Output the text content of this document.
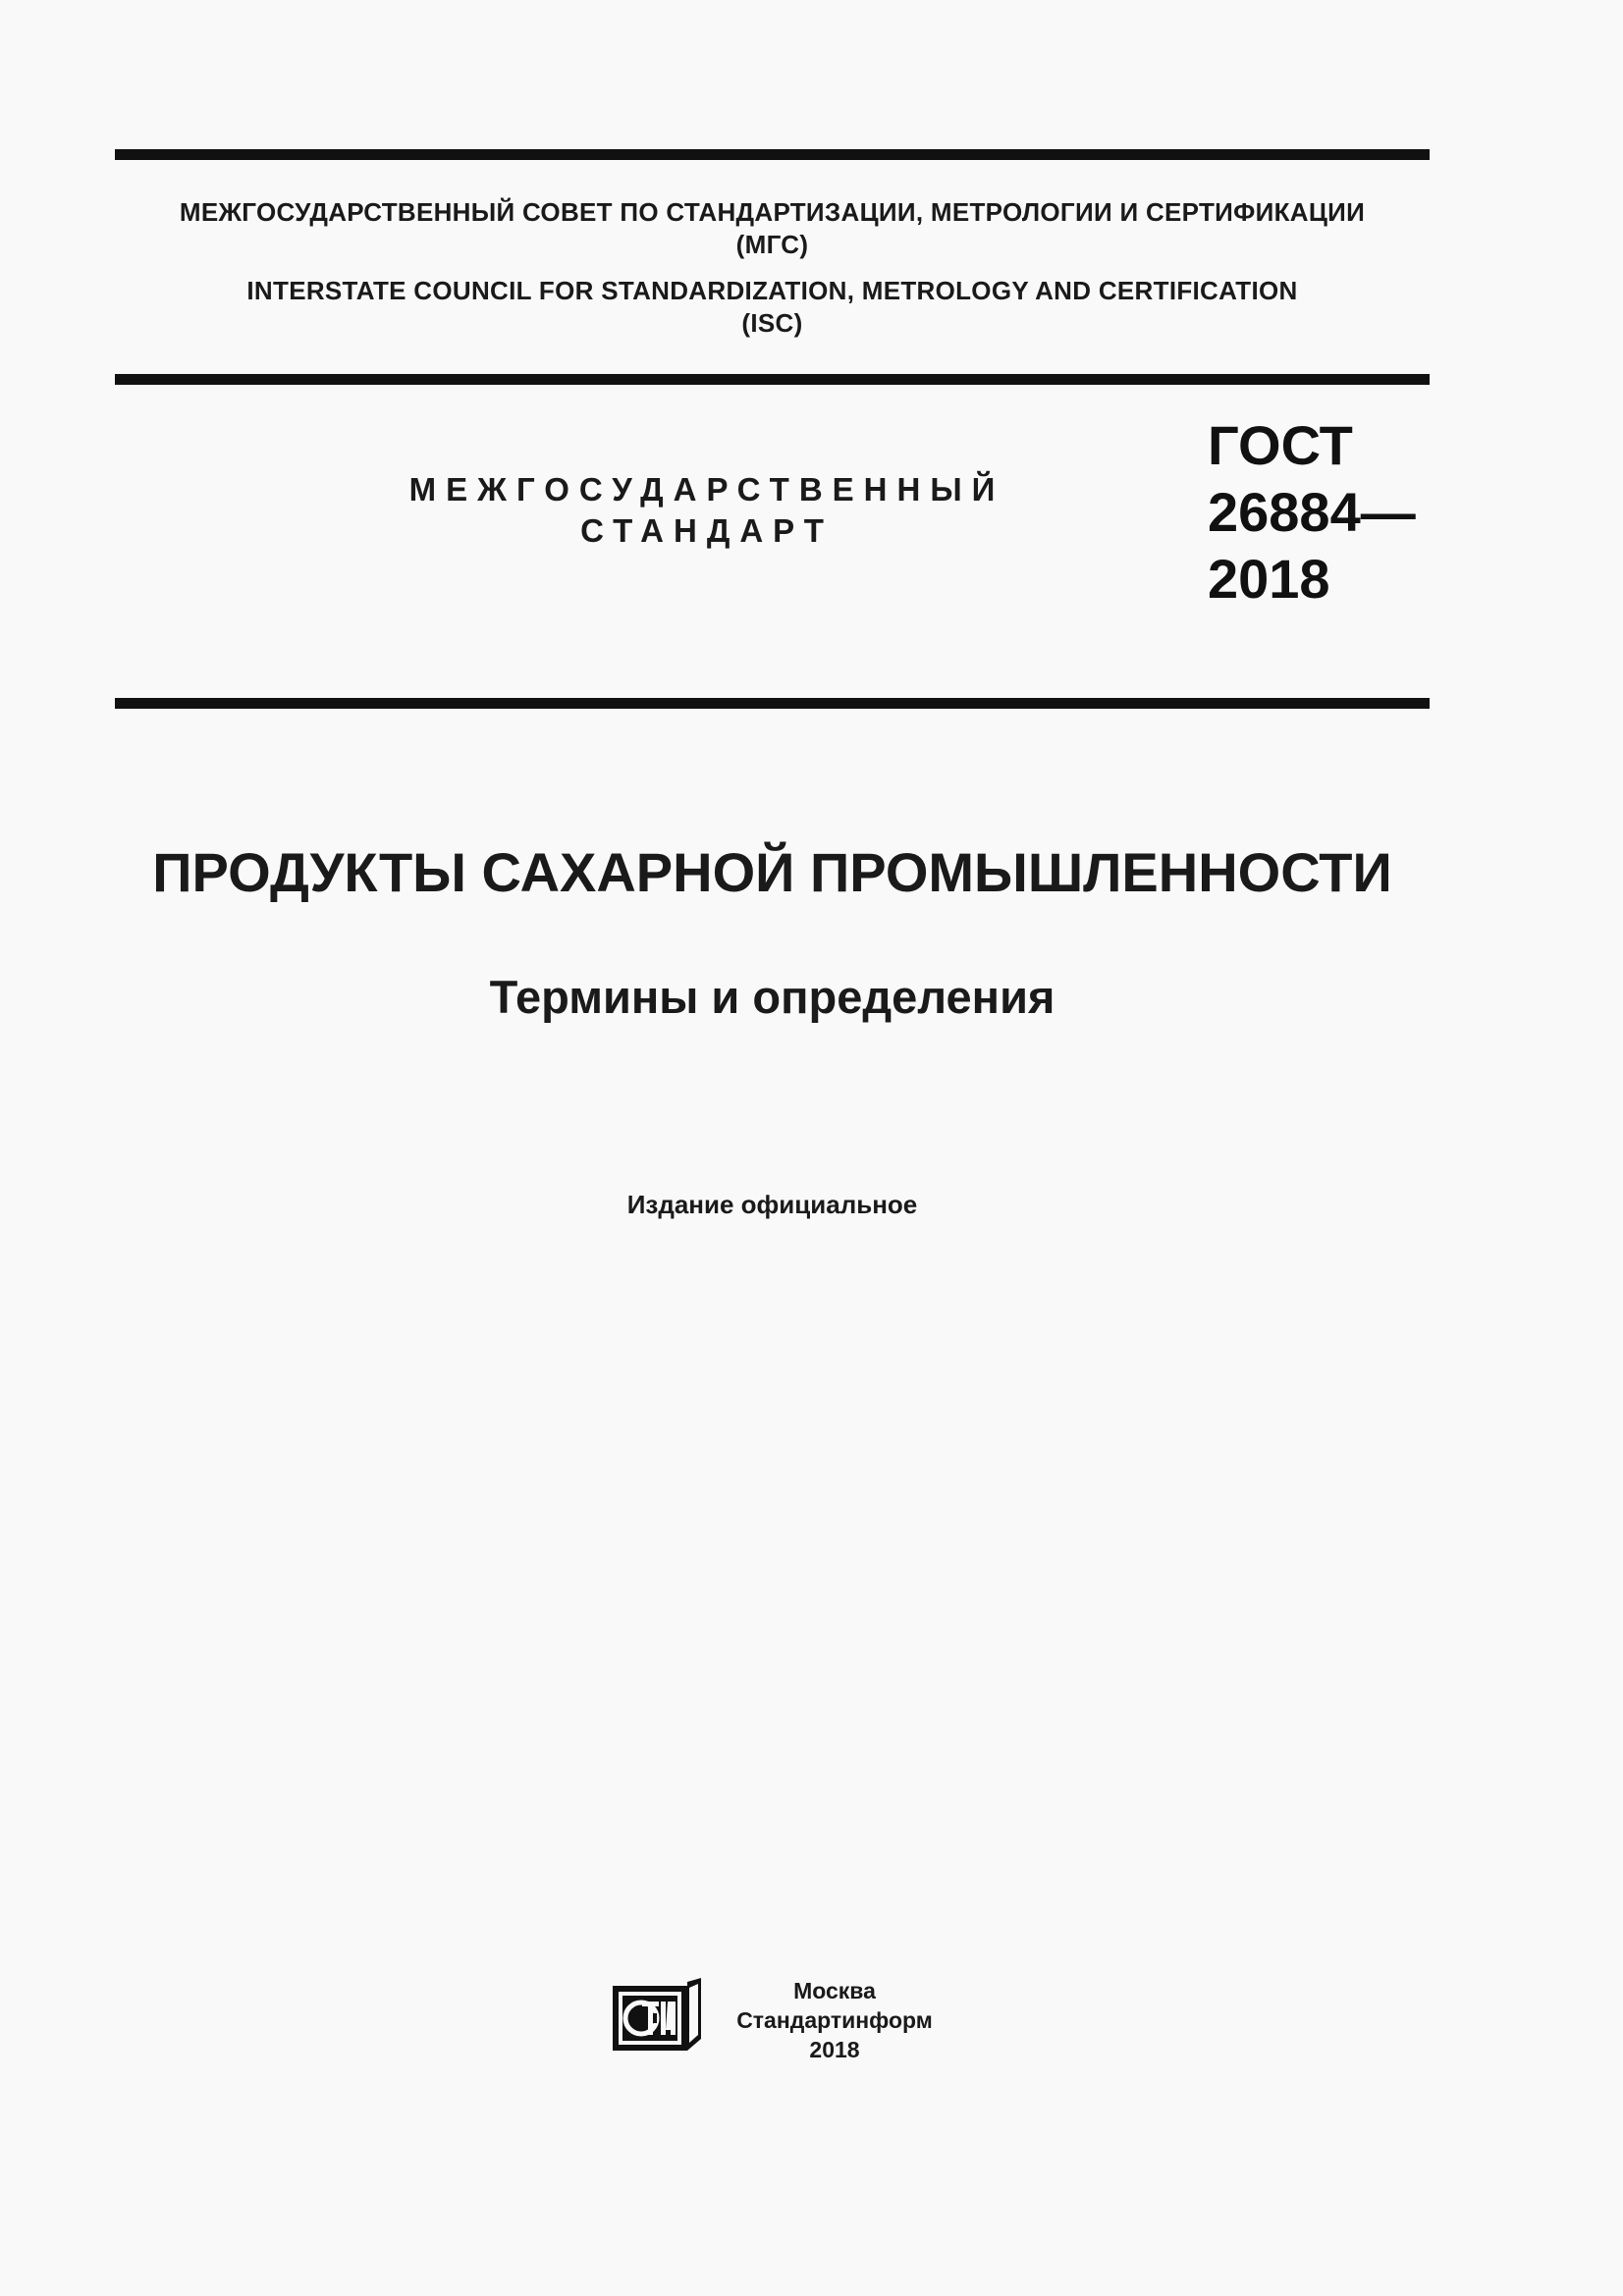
МЕЖГОСУДАРСТВЕННЫЙ СОВЕТ ПО СТАНДАРТИЗАЦИИ, МЕТРОЛОГИИ И СЕРТИФИКАЦИИ
(МГС)
INTERSTATE COUNCIL FOR STANDARDIZATION, METROLOGY AND CERTIFICATION
(ISC)
МЕЖГОСУДАРСТВЕННЫЙ
СТАНДАРТ
ГОСТ
26884—
2018
ПРОДУКТЫ САХАРНОЙ ПРОМЫШЛЕННОСТИ
Термины и определения
Издание официальное
Москва
Стандартинформ
2018
